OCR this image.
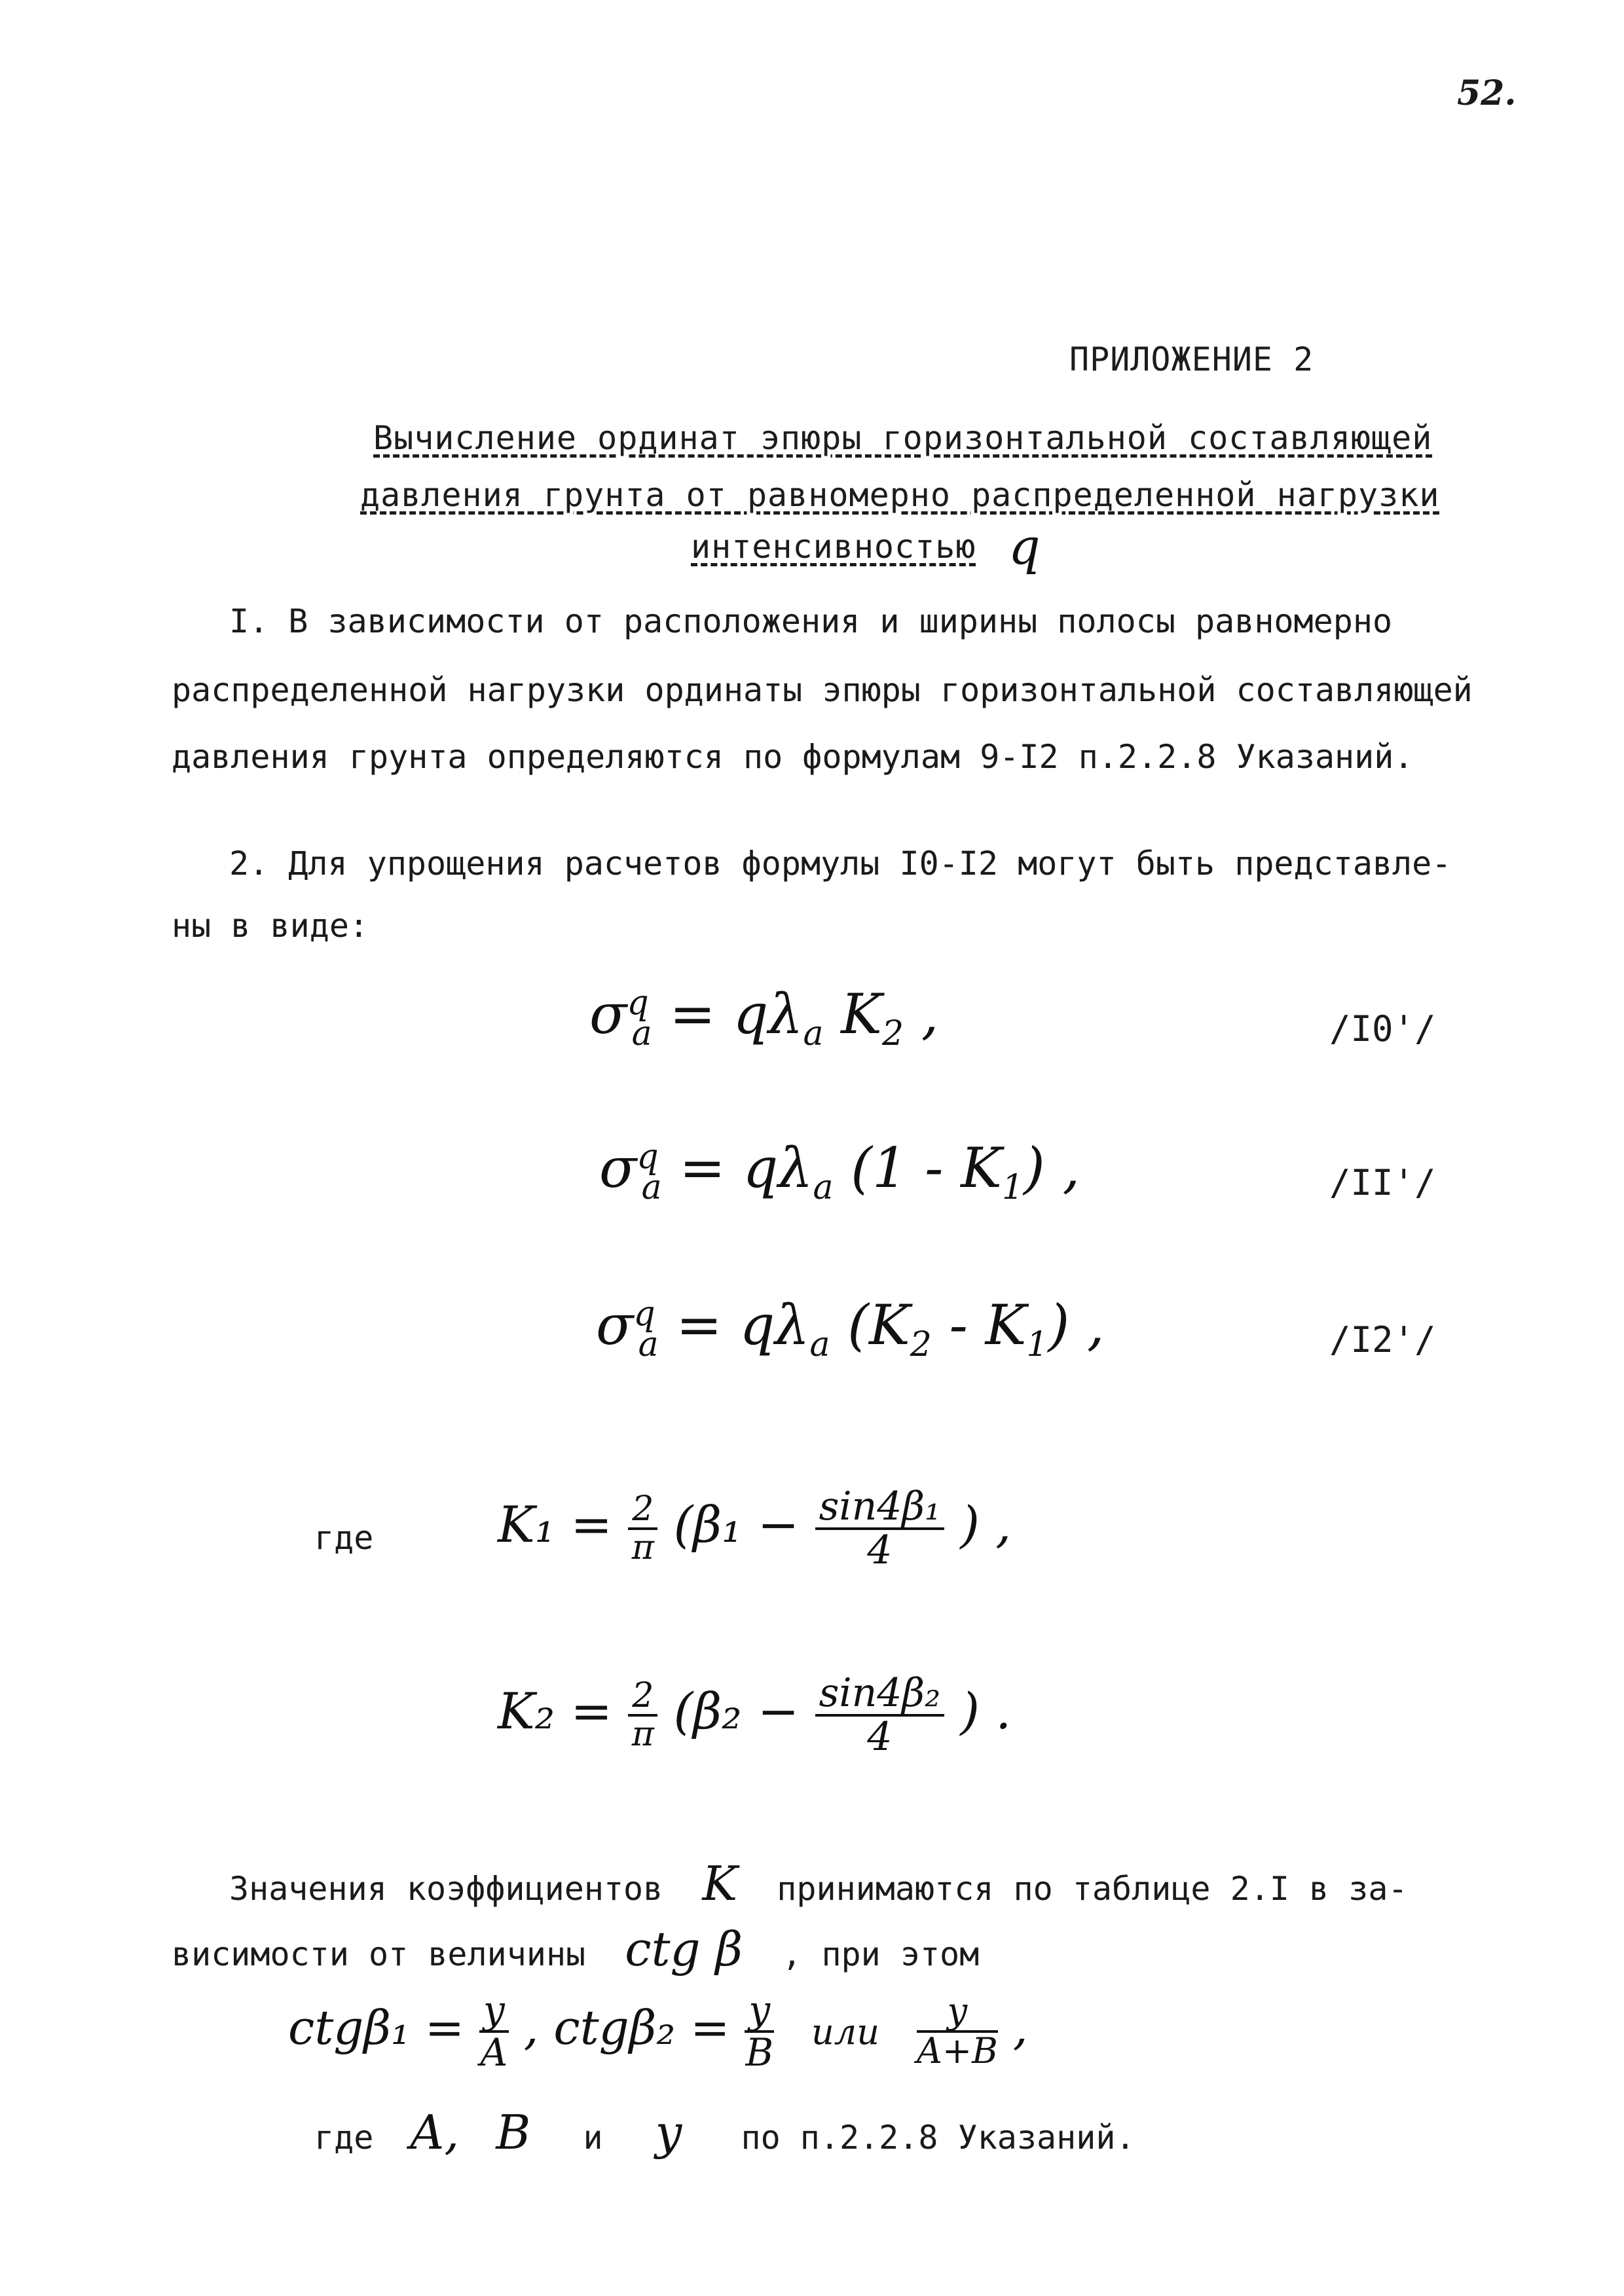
52.
ПРИЛОЖЕНИЕ 2
Вычисление ординат эпюры горизонтальной составляющей
давления грунта от равномерно распределенной нагрузки
интенсивностью q
I. В зависимости от расположения и ширины полосы равномерно
распределенной нагрузки ординаты эпюры горизонтальной составляющей
давления грунта определяются по формулам 9-I2 п.2.2.8 Указаний.
2. Для упрощения расчетов формулы I0-I2 могут быть представле-
ны в виде:
$\sigma^q_a = q\lambda_a$ $K_2$ ,	/I0'/
$\sigma^q_a = q\lambda_a$ $(1 - K_1)$ ,	/II'/
$\sigma^q_a = q\lambda_a$ $(K_2 - K_1)$ ,	/I2'/
где $K_1 = \frac{2}{\pi} (\beta_1 - \frac{\text{sin4β₁}}{4}$ ) ,
$K_2 = \frac{2}{\pi} (\beta_2 - \frac{\text{sin4β₂}}{4}$ ) .
Значения коэффициентов K принимаются по таблице 2.I в за-
висимости от величины ctg β , при этом
$ctg\beta_1 = \frac{y}{A}$ , $ctg\beta_2 = \frac{y}{B}$ или $\frac{y}{A+B}$ ,
где A, B и y по п.2.2.8 Указаний.
